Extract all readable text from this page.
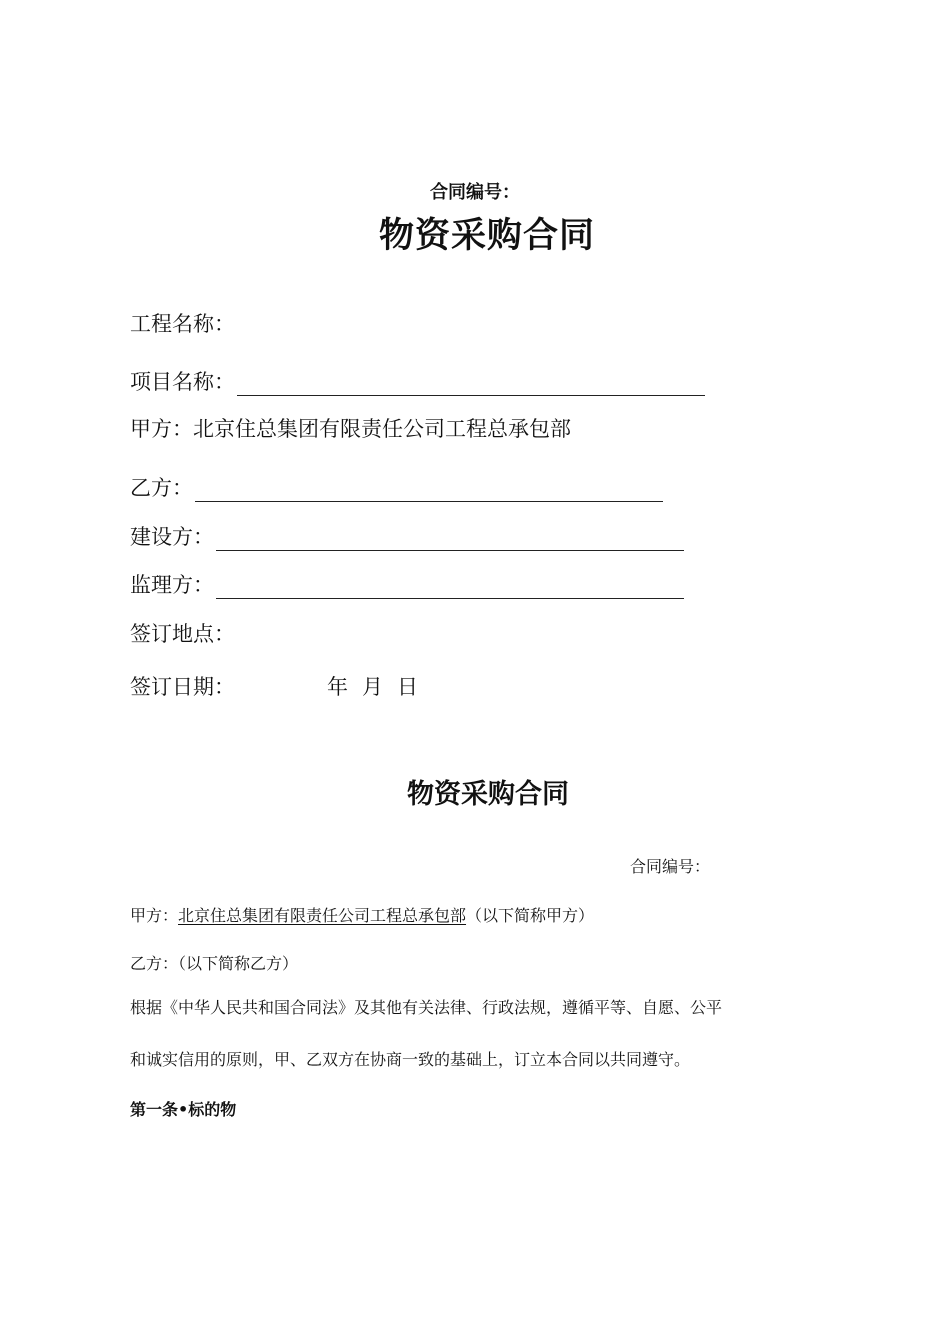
合同编号：
物资采购合同
工程名称：
项目名称：
甲方：北京住总集团有限责任公司工程总承包部
乙方：
建设方：
监理方：
签订地点：
签订日期：	年 月 日
物资采购合同
合同编号：
甲方：北京住总集团有限责任公司工程总承包部（以下简称甲方）
乙方：（以下简称乙方）
根据《中华人民共和国合同法》及其他有关法律、行政法规，遵循平等、自愿、公平
和诚实信用的原则，甲、乙双方在协商一致的基础上，订立本合同以共同遵守。
第一条•标的物
